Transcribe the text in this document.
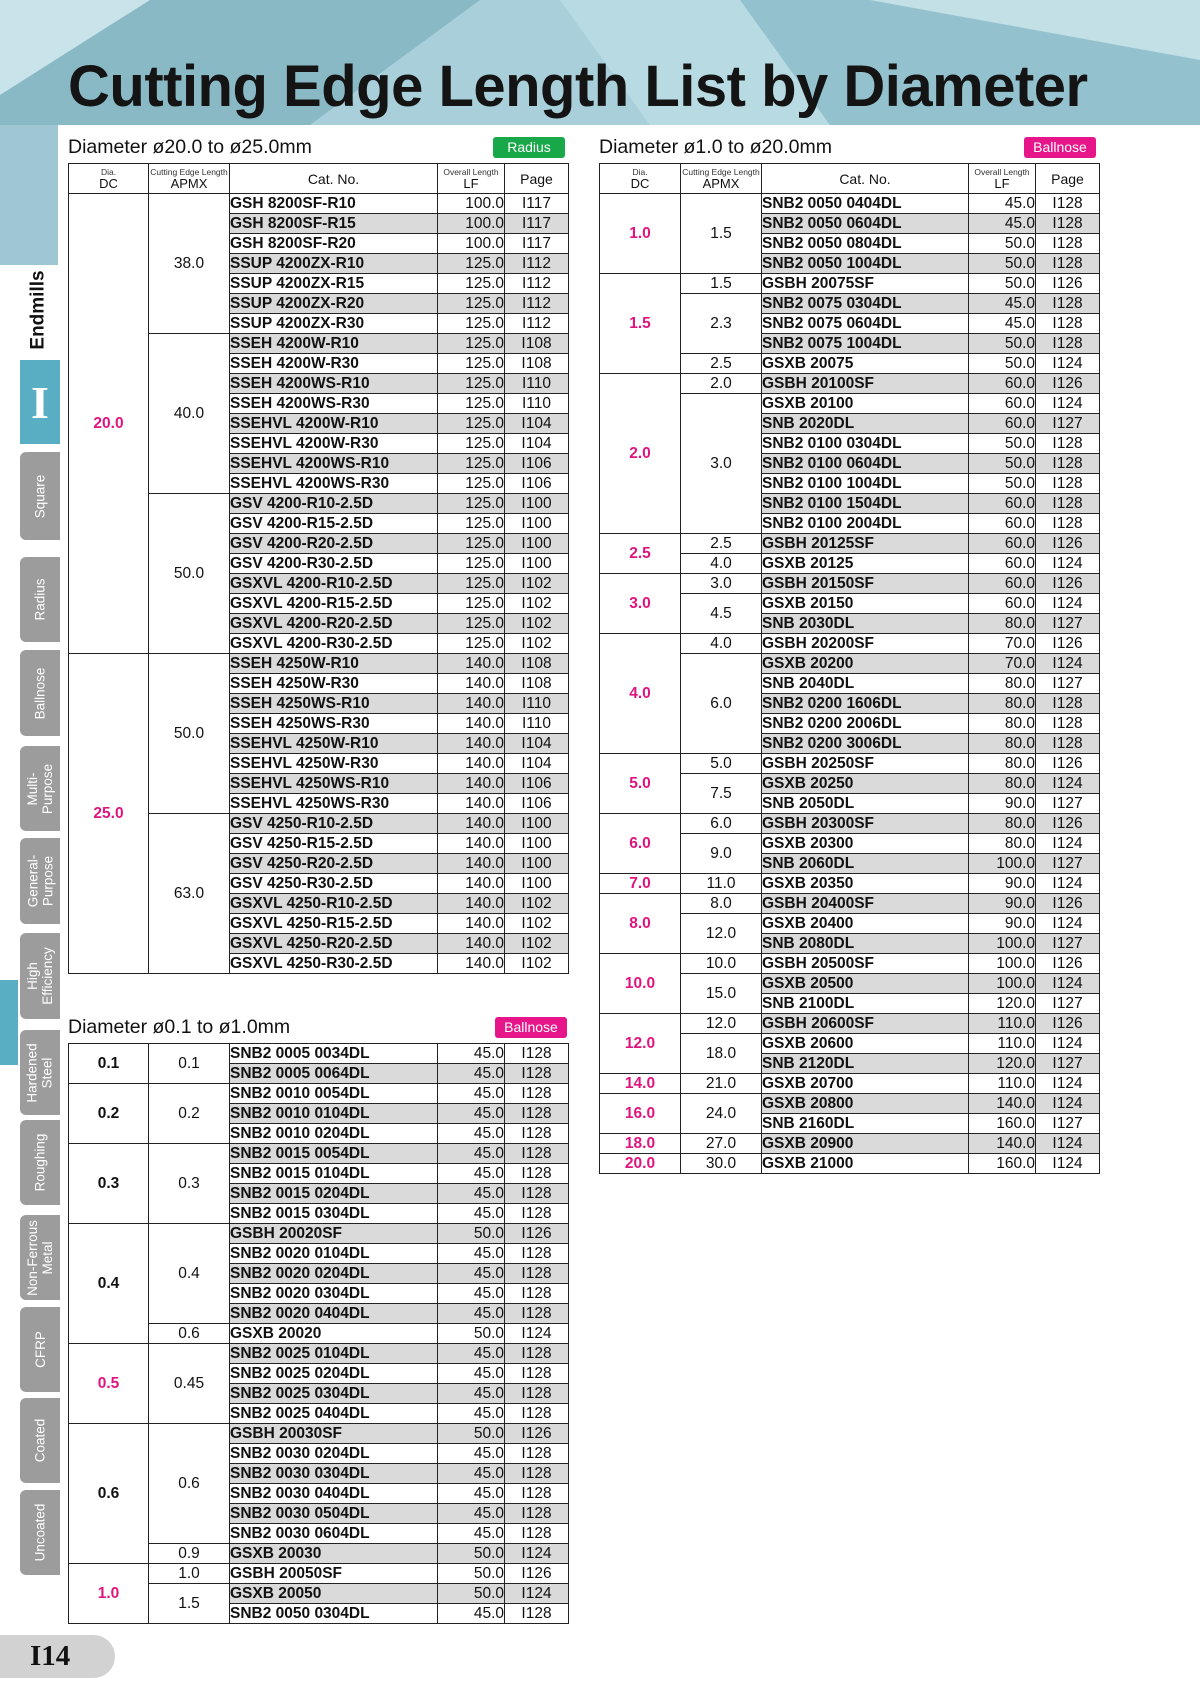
Cutting Edge Length List by Diameter
Endmills
I
Square
Radius
Ballnose
Multi-
Purpose
General-
Purpose
High
Efficiency
Hardened
Steel
Roughing
Non-Ferrous
Metal
CFRP
Coated
Uncoated
Diameter ø20.0 to ø25.0mm	Radius
Diameter ø0.1 to ø1.0mm	Ballnose
Diameter ø1.0 to ø20.0mm	Ballnose
Dia.
DC	Cutting Edge Length
APMX	Cat. No.	Overall Length
LF	Page
20.0	38.0	GSH 8200SF-R10	100.0	I117
		GSH 8200SF-R15	100.0	I117
		GSH 8200SF-R20	100.0	I117
		SSUP 4200ZX-R10	125.0	I112
		SSUP 4200ZX-R15	125.0	I112
		SSUP 4200ZX-R20	125.0	I112
		SSUP 4200ZX-R30	125.0	I112
	40.0	SSEH 4200W-R10	125.0	I108
		SSEH 4200W-R30	125.0	I108
		SSEH 4200WS-R10	125.0	I110
		SSEH 4200WS-R30	125.0	I110
		SSEHVL 4200W-R10	125.0	I104
		SSEHVL 4200W-R30	125.0	I104
		SSEHVL 4200WS-R10	125.0	I106
		SSEHVL 4200WS-R30	125.0	I106
	50.0	GSV 4200-R10-2.5D	125.0	I100
		GSV 4200-R15-2.5D	125.0	I100
		GSV 4200-R20-2.5D	125.0	I100
		GSV 4200-R30-2.5D	125.0	I100
		GSXVL 4200-R10-2.5D	125.0	I102
		GSXVL 4200-R15-2.5D	125.0	I102
		GSXVL 4200-R20-2.5D	125.0	I102
		GSXVL 4200-R30-2.5D	125.0	I102
25.0	50.0	SSEH 4250W-R10	140.0	I108
		SSEH 4250W-R30	140.0	I108
		SSEH 4250WS-R10	140.0	I110
		SSEH 4250WS-R30	140.0	I110
		SSEHVL 4250W-R10	140.0	I104
		SSEHVL 4250W-R30	140.0	I104
		SSEHVL 4250WS-R10	140.0	I106
		SSEHVL 4250WS-R30	140.0	I106
	63.0	GSV 4250-R10-2.5D	140.0	I100
		GSV 4250-R15-2.5D	140.0	I100
		GSV 4250-R20-2.5D	140.0	I100
		GSV 4250-R30-2.5D	140.0	I100
		GSXVL 4250-R10-2.5D	140.0	I102
		GSXVL 4250-R15-2.5D	140.0	I102
		GSXVL 4250-R20-2.5D	140.0	I102
		GSXVL 4250-R30-2.5D	140.0	I102
0.1	0.1	SNB2 0005 0034DL	45.0	I128
		SNB2 0005 0064DL	45.0	I128
0.2	0.2	SNB2 0010 0054DL	45.0	I128
		SNB2 0010 0104DL	45.0	I128
		SNB2 0010 0204DL	45.0	I128
0.3	0.3	SNB2 0015 0054DL	45.0	I128
		SNB2 0015 0104DL	45.0	I128
		SNB2 0015 0204DL	45.0	I128
		SNB2 0015 0304DL	45.0	I128
0.4	0.4	GSBH 20020SF	50.0	I126
		SNB2 0020 0104DL	45.0	I128
		SNB2 0020 0204DL	45.0	I128
		SNB2 0020 0304DL	45.0	I128
		SNB2 0020 0404DL	45.0	I128
	0.6	GSXB 20020	50.0	I124
0.5	0.45	SNB2 0025 0104DL	45.0	I128
		SNB2 0025 0204DL	45.0	I128
		SNB2 0025 0304DL	45.0	I128
		SNB2 0025 0404DL	45.0	I128
0.6	0.6	GSBH 20030SF	50.0	I126
		SNB2 0030 0204DL	45.0	I128
		SNB2 0030 0304DL	45.0	I128
		SNB2 0030 0404DL	45.0	I128
		SNB2 0030 0504DL	45.0	I128
		SNB2 0030 0604DL	45.0	I128
	0.9	GSXB 20030	50.0	I124
1.0	1.0	GSBH 20050SF	50.0	I126
	1.5	GSXB 20050	50.0	I124
		SNB2 0050 0304DL	45.0	I128
Dia.
DC	Cutting Edge Length
APMX	Cat. No.	Overall Length
LF	Page
1.0	1.5	SNB2 0050 0404DL	45.0	I128
		SNB2 0050 0604DL	45.0	I128
		SNB2 0050 0804DL	50.0	I128
		SNB2 0050 1004DL	50.0	I128
1.5	1.5	GSBH 20075SF	50.0	I126
	2.3	SNB2 0075 0304DL	45.0	I128
		SNB2 0075 0604DL	45.0	I128
		SNB2 0075 1004DL	50.0	I128
	2.5	GSXB 20075	50.0	I124
2.0	2.0	GSBH 20100SF	60.0	I126
	3.0	GSXB 20100	60.0	I124
		SNB 2020DL	60.0	I127
		SNB2 0100 0304DL	50.0	I128
		SNB2 0100 0604DL	50.0	I128
		SNB2 0100 1004DL	50.0	I128
		SNB2 0100 1504DL	60.0	I128
		SNB2 0100 2004DL	60.0	I128
2.5	2.5	GSBH 20125SF	60.0	I126
	4.0	GSXB 20125	60.0	I124
3.0	3.0	GSBH 20150SF	60.0	I126
	4.5	GSXB 20150	60.0	I124
		SNB 2030DL	80.0	I127
4.0	4.0	GSBH 20200SF	70.0	I126
	6.0	GSXB 20200	70.0	I124
		SNB 2040DL	80.0	I127
		SNB2 0200 1606DL	80.0	I128
		SNB2 0200 2006DL	80.0	I128
		SNB2 0200 3006DL	80.0	I128
5.0	5.0	GSBH 20250SF	80.0	I126
	7.5	GSXB 20250	80.0	I124
		SNB 2050DL	90.0	I127
6.0	6.0	GSBH 20300SF	80.0	I126
	9.0	GSXB 20300	80.0	I124
		SNB 2060DL	100.0	I127
7.0	11.0	GSXB 20350	90.0	I124
8.0	8.0	GSBH 20400SF	90.0	I126
	12.0	GSXB 20400	90.0	I124
		SNB 2080DL	100.0	I127
10.0	10.0	GSBH 20500SF	100.0	I126
	15.0	GSXB 20500	100.0	I124
		SNB 2100DL	120.0	I127
12.0	12.0	GSBH 20600SF	110.0	I126
	18.0	GSXB 20600	110.0	I124
		SNB 2120DL	120.0	I127
14.0	21.0	GSXB 20700	110.0	I124
16.0	24.0	GSXB 20800	140.0	I124
		SNB 2160DL	160.0	I127
18.0	27.0	GSXB 20900	140.0	I124
20.0	30.0	GSXB 21000	160.0	I124
I14
